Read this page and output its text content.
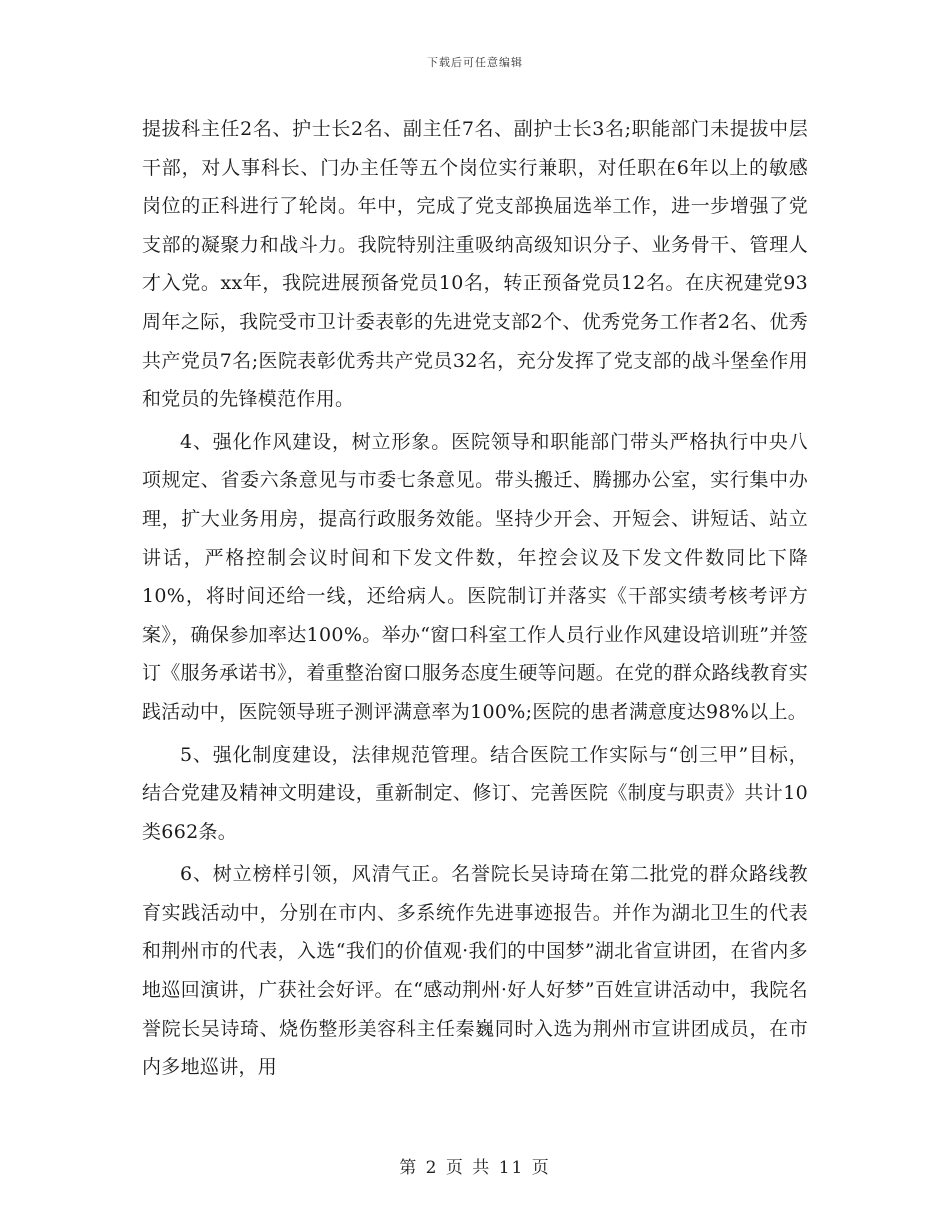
下载后可任意编辑

提拔科主任2名、护士长2名、副主任7名、副护士长3名;职能部门未提拔中层干部，对人事科长、门办主任等五个岗位实行兼职，对任职在6年以上的敏感岗位的正科进行了轮岗。年中，完成了党支部换届选举工作，进一步增强了党支部的凝聚力和战斗力。我院特别注重吸纳高级知识分子、业务骨干、管理人才入党。xx年，我院进展预备党员10名，转正预备党员12名。在庆祝建党93周年之际，我院受市卫计委表彰的先进党支部2个、优秀党务工作者2名、优秀共产党员7名;医院表彰优秀共产党员32名，充分发挥了党支部的战斗堡垒作用和党员的先锋模范作用。

4、强化作风建设，树立形象。医院领导和职能部门带头严格执行中央八项规定、省委六条意见与市委七条意见。带头搬迁、腾挪办公室，实行集中办理，扩大业务用房，提高行政服务效能。坚持少开会、开短会、讲短话、站立讲话，严格控制会议时间和下发文件数，年控会议及下发文件数同比下降10%，将时间还给一线，还给病人。医院制订并落实《干部实绩考核考评方案》，确保参加率达100%。举办“窗口科室工作人员行业作风建设培训班”并签订《服务承诺书》，着重整治窗口服务态度生硬等问题。在党的群众路线教育实践活动中，医院领导班子测评满意率为100%;医院的患者满意度达98%以上。

5、强化制度建设，法律规范管理。结合医院工作实际与“创三甲”目标，结合党建及精神文明建设，重新制定、修订、完善医院《制度与职责》共计10类662条。

6、树立榜样引领，风清气正。名誉院长吴诗琦在第二批党的群众路线教育实践活动中，分别在市内、多系统作先进事迹报告。并作为湖北卫生的代表和荆州市的代表，入选“我们的价值观·我们的中国梦”湖北省宣讲团，在省内多地巡回演讲，广获社会好评。在“感动荆州·好人好梦”百姓宣讲活动中，我院名誉院长吴诗琦、烧伤整形美容科主任秦巍同时入选为荆州市宣讲团成员，在市内多地巡讲，用

第 2 页 共 11 页
